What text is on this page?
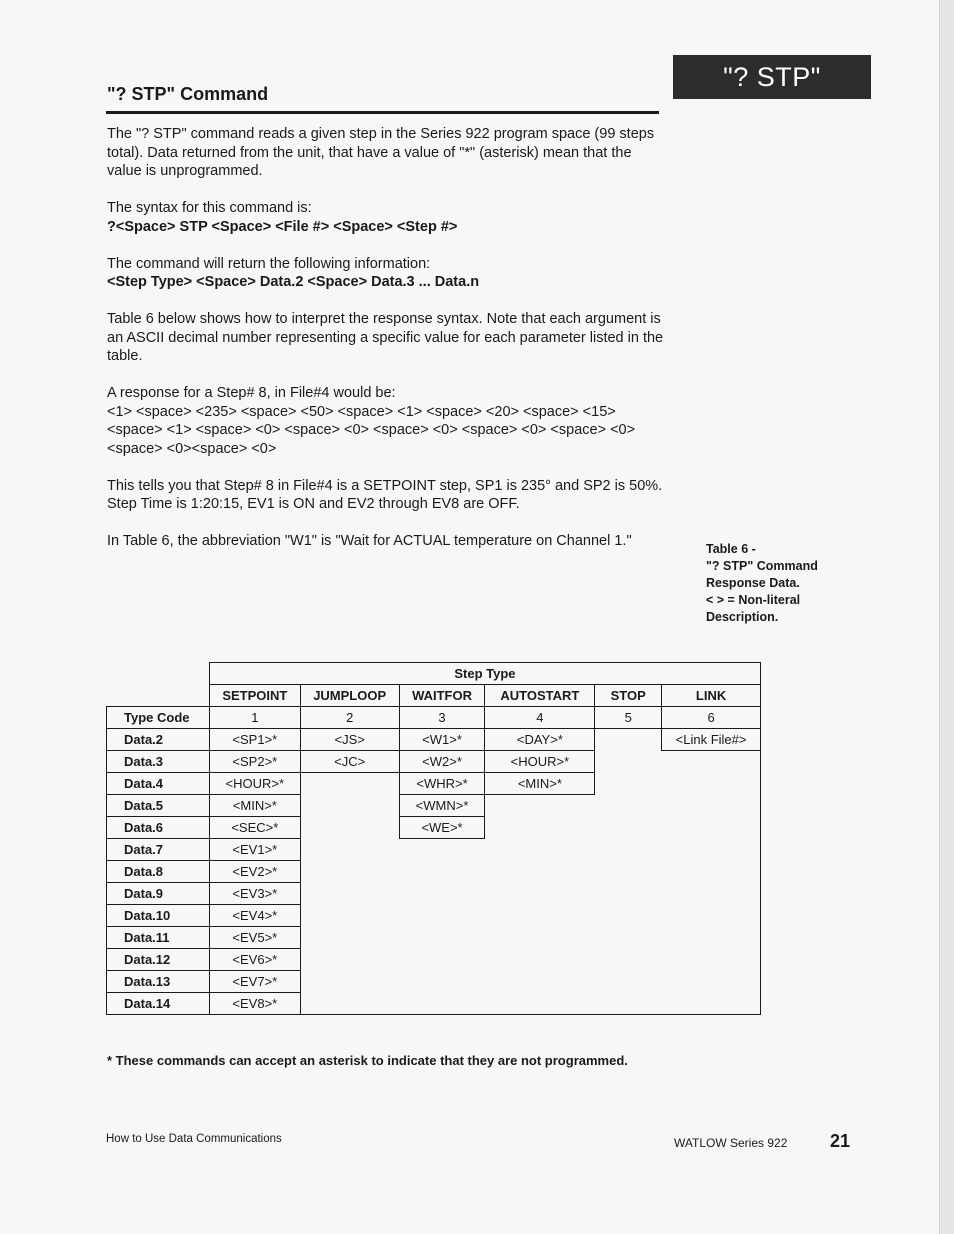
"? STP"
"? STP" Command

The "? STP" command reads a given step in the Series 922 program space (99 steps total). Data returned from the unit, that have a value of "*" (asterisk) mean that the value is unprogrammed.

The syntax for this command is:
?<Space> STP <Space> <File #> <Space> <Step #>

The command will return the following information:
<Step Type> <Space> Data.2 <Space> Data.3 ... Data.n

Table 6 below shows how to interpret the response syntax. Note that each argument is an ASCII decimal number representing a specific value for each parameter listed in the table.

A response for a Step# 8, in File#4 would be:
<1> <space> <235> <space> <50> <space> <1> <space> <20> <space> <15> <space> <1> <space> <0> <space> <0> <space> <0> <space> <0> <space> <0> <space> <0><space> <0>

This tells you that Step# 8 in File#4 is a SETPOINT step, SP1 is 235° and SP2 is 50%. Step Time is 1:20:15, EV1 is ON and EV2 through EV8 are OFF.

In Table 6, the abbreviation "W1" is "Wait for ACTUAL temperature on Channel 1."	Table 6 -
"? STP" Command
Response Data.
< > = Non-literal
Description.
	Step Type					
	SETPOINT	JUMPLOOP	WAITFOR	AUTOSTART	STOP	LINK
Type Code	1	2	3	4	5	6
Data.2	<SP1>*	<JS>	<W1>*	<DAY>*		<Link File#>
Data.3	<SP2>*	<JC>	<W2>*	<HOUR>*		
Data.4	<HOUR>*		<WHR>*	<MIN>*		
Data.5	<MIN>*		<WMN>*			
Data.6	<SEC>*		<WE>*			
Data.7	<EV1>*					
Data.8	<EV2>*					
Data.9	<EV3>*					
Data.10	<EV4>*					
Data.11	<EV5>*					
Data.12	<EV6>*					
Data.13	<EV7>*					
Data.14	<EV8>*					
* These commands can accept an asterisk to indicate that they are not programmed.
How to Use Data Communications	WATLOW Series 922 21
